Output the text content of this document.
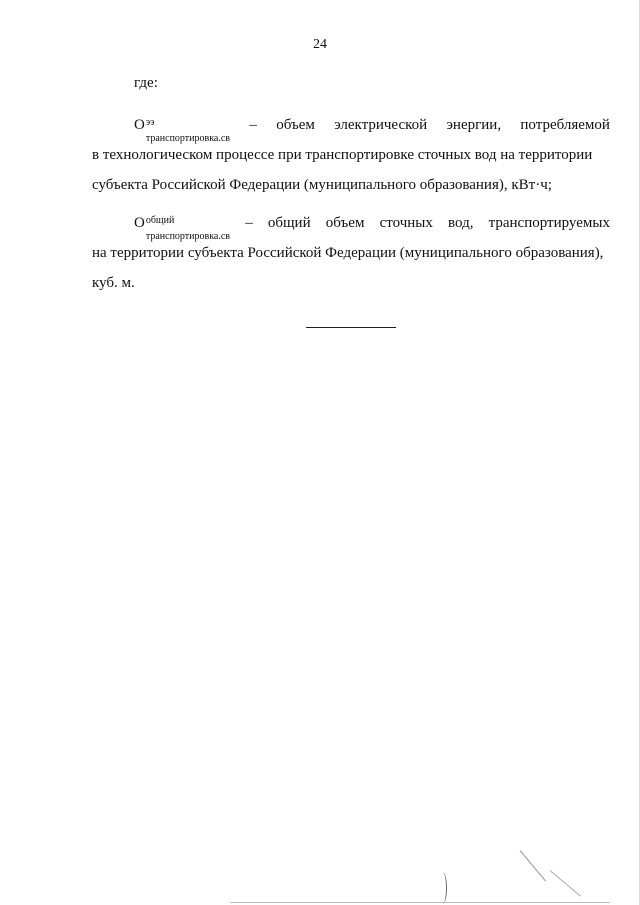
24
где:
O ээ
транспортировка.св
– объем электрической энергии, потребляемой
в технологическом процессе при транспортировке сточных вод на территории
субъекта Российской Федерации (муниципального образования), кВт·ч;
O общий
транспортировка.св
– общий объем сточных вод, транспортируемых
на территории субъекта Российской Федерации (муниципального образования),
куб. м.
